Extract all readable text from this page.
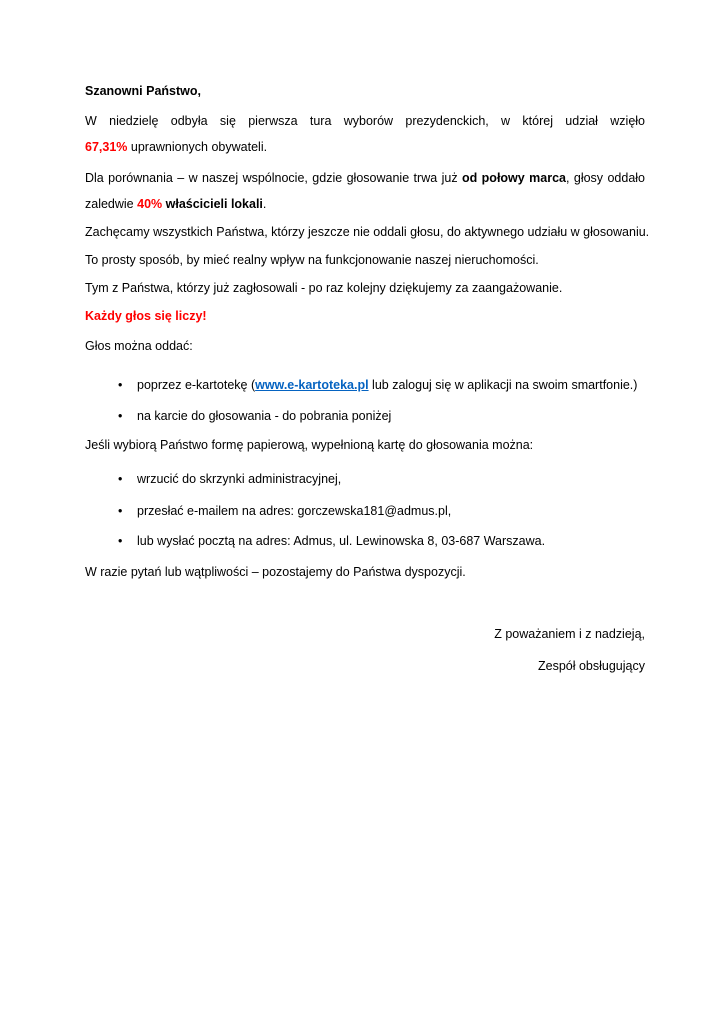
Szanowni Państwo,

W niedzielę odbyła się pierwsza tura wyborów prezydenckich, w której udział wzięło
67,31% uprawnionych obywateli.

Dla porównania – w naszej wspólnocie, gdzie głosowanie trwa już od połowy marca, głosy oddało
zaledwie 40% właścicieli lokali.

Zachęcamy wszystkich Państwa, którzy jeszcze nie oddali głosu, do aktywnego udziału w głosowaniu.

To prosty sposób, by mieć realny wpływ na funkcjonowanie naszej nieruchomości.

Tym z Państwa, którzy już zagłosowali - po raz kolejny dziękujemy za zaangażowanie.

Każdy głos się liczy!

Głos można oddać:

• poprzez e-kartotekę (www.e-kartoteka.pl lub zaloguj się w aplikacji na swoim smartfonie.)
• na karcie do głosowania - do pobrania poniżej

Jeśli wybiorą Państwo formę papierową, wypełnioną kartę do głosowania można:

• wrzucić do skrzynki administracyjnej,
• przesłać e-mailem na adres: gorczewska181@admus.pl,
• lub wysłać pocztą na adres: Admus, ul. Lewinowska 8, 03-687 Warszawa.

W razie pytań lub wątpliwości – pozostajemy do Państwa dyspozycji.

Z poważaniem i z nadzieją,

Zespół obsługujący
